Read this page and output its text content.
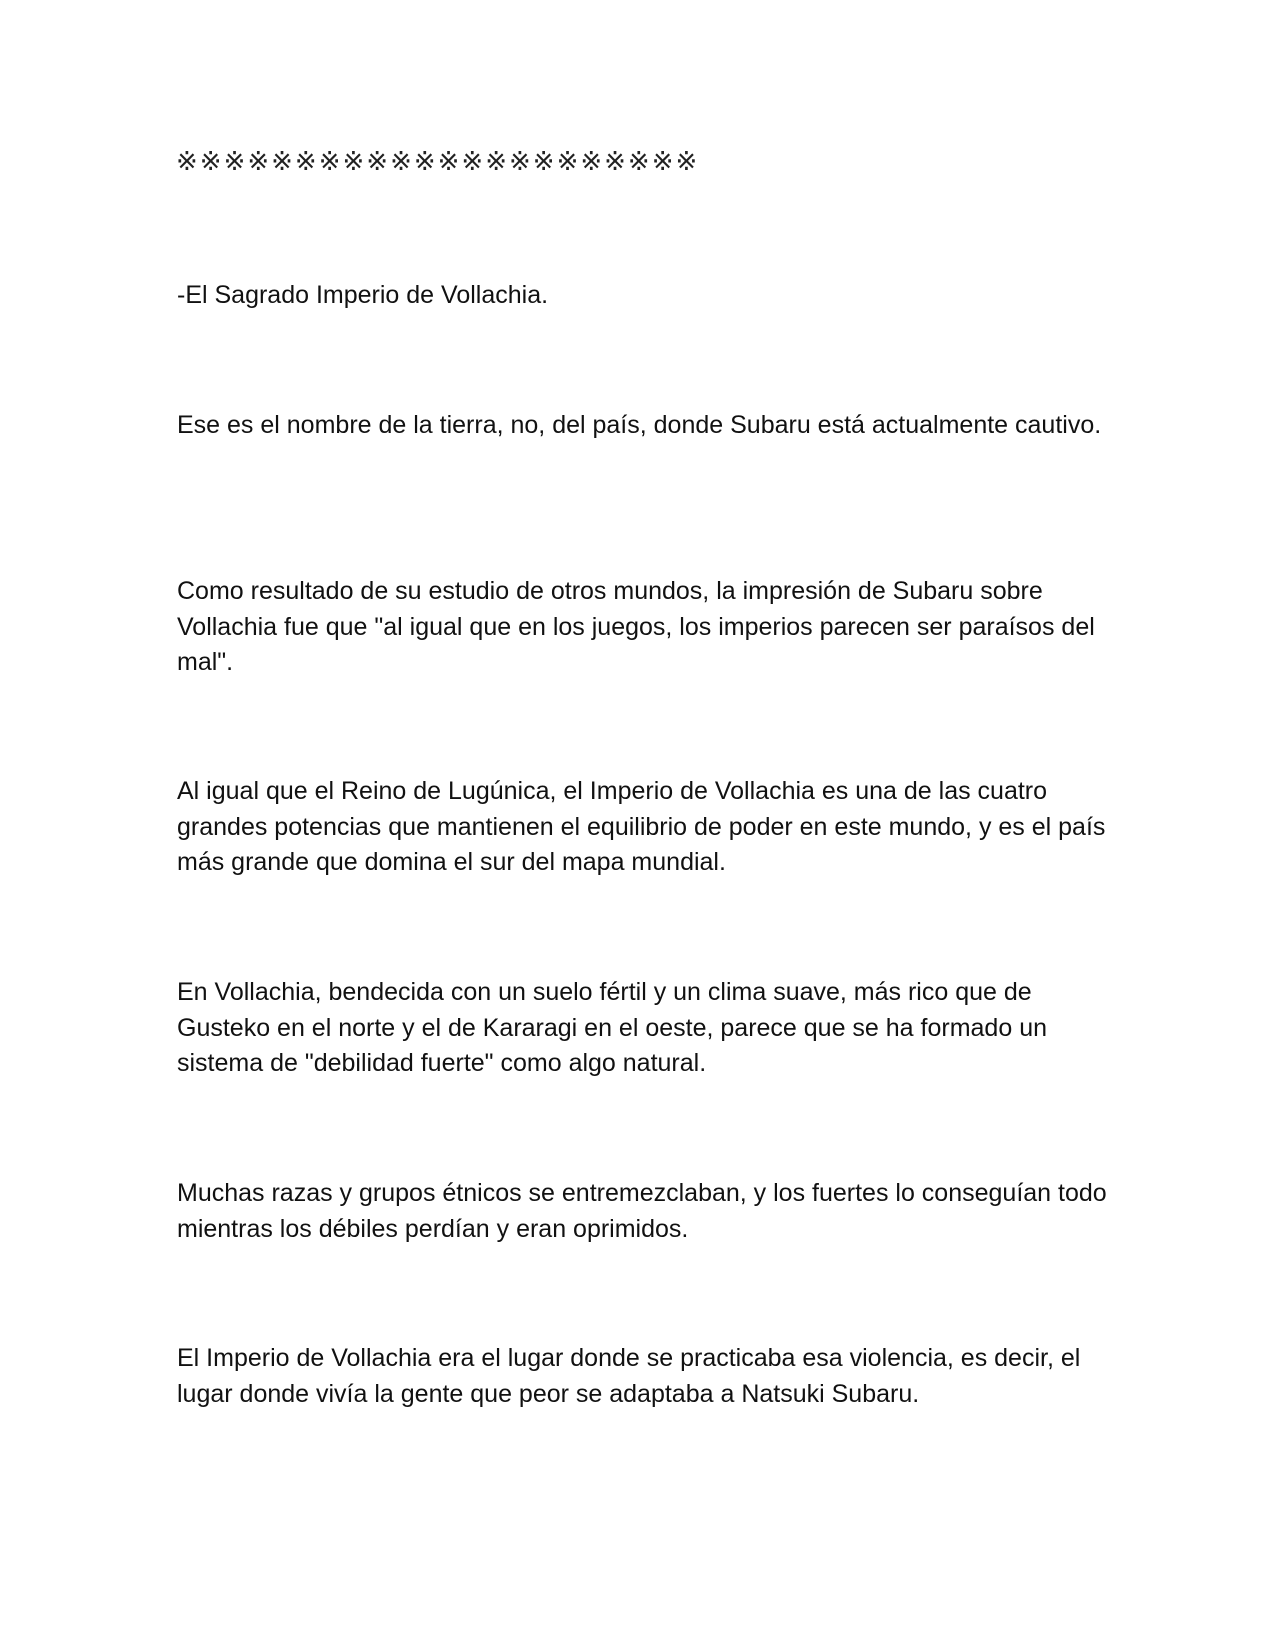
※※※※※※※※※※※※※※※※※※※※※※

-El Sagrado Imperio de Vollachia.

Ese es el nombre de la tierra, no, del país, donde Subaru está actualmente cautivo.

Como resultado de su estudio de otros mundos, la impresión de Subaru sobre Vollachia fue que "al igual que en los juegos, los imperios parecen ser paraísos del mal".

Al igual que el Reino de Lugúnica, el Imperio de Vollachia es una de las cuatro grandes potencias que mantienen el equilibrio de poder en este mundo, y es el país más grande que domina el sur del mapa mundial.

En Vollachia, bendecida con un suelo fértil y un clima suave, más rico que de Gusteko en el norte y el de Kararagi en el oeste, parece que se ha formado un sistema de "debilidad fuerte" como algo natural.

Muchas razas y grupos étnicos se entremezclaban, y los fuertes lo conseguían todo mientras los débiles perdían y eran oprimidos.

El Imperio de Vollachia era el lugar donde se practicaba esa violencia, es decir, el lugar donde vivía la gente que peor se adaptaba a Natsuki Subaru.
